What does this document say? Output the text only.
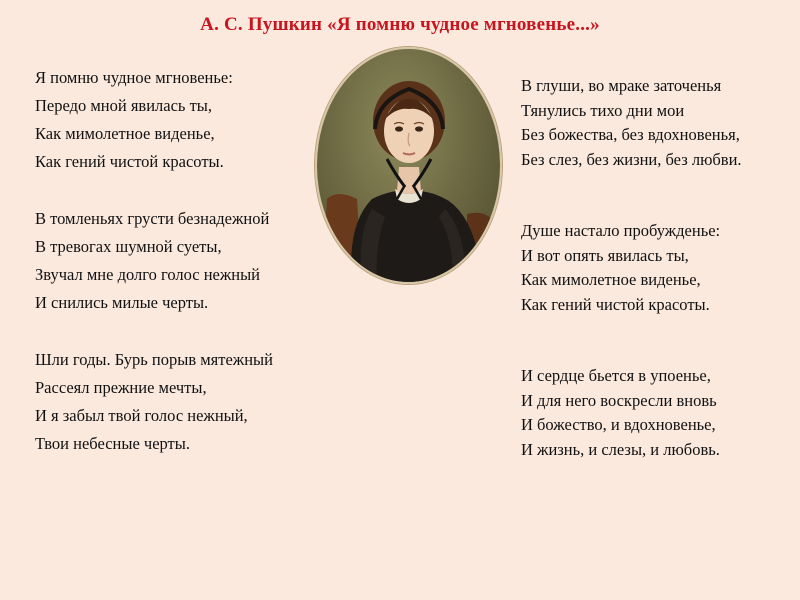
А. С. Пушкин «Я помню чудное мгновенье...»
Я помню чудное мгновенье:
Передо мной явилась ты,
Как мимолетное виденье,
Как гений чистой красоты.
В томленьях грусти безнадежной
В тревогах шумной суеты,
Звучал мне долго голос нежный
И снились милые черты.
Шли годы. Бурь порыв мятежный
Рассеял прежние мечты,
И я забыл твой голос нежный,
Твои небесные черты.
В глуши, во мраке заточенья
Тянулись тихо дни мои
Без божества, без вдохновенья,
Без слез, без жизни, без любви.
Душе настало пробужденье:
И вот опять явилась ты,
Как мимолетное виденье,
Как гений чистой красоты.
И сердце бьется в упоенье,
И для него воскресли вновь
И божество, и вдохновенье,
И жизнь, и слезы, и любовь.
